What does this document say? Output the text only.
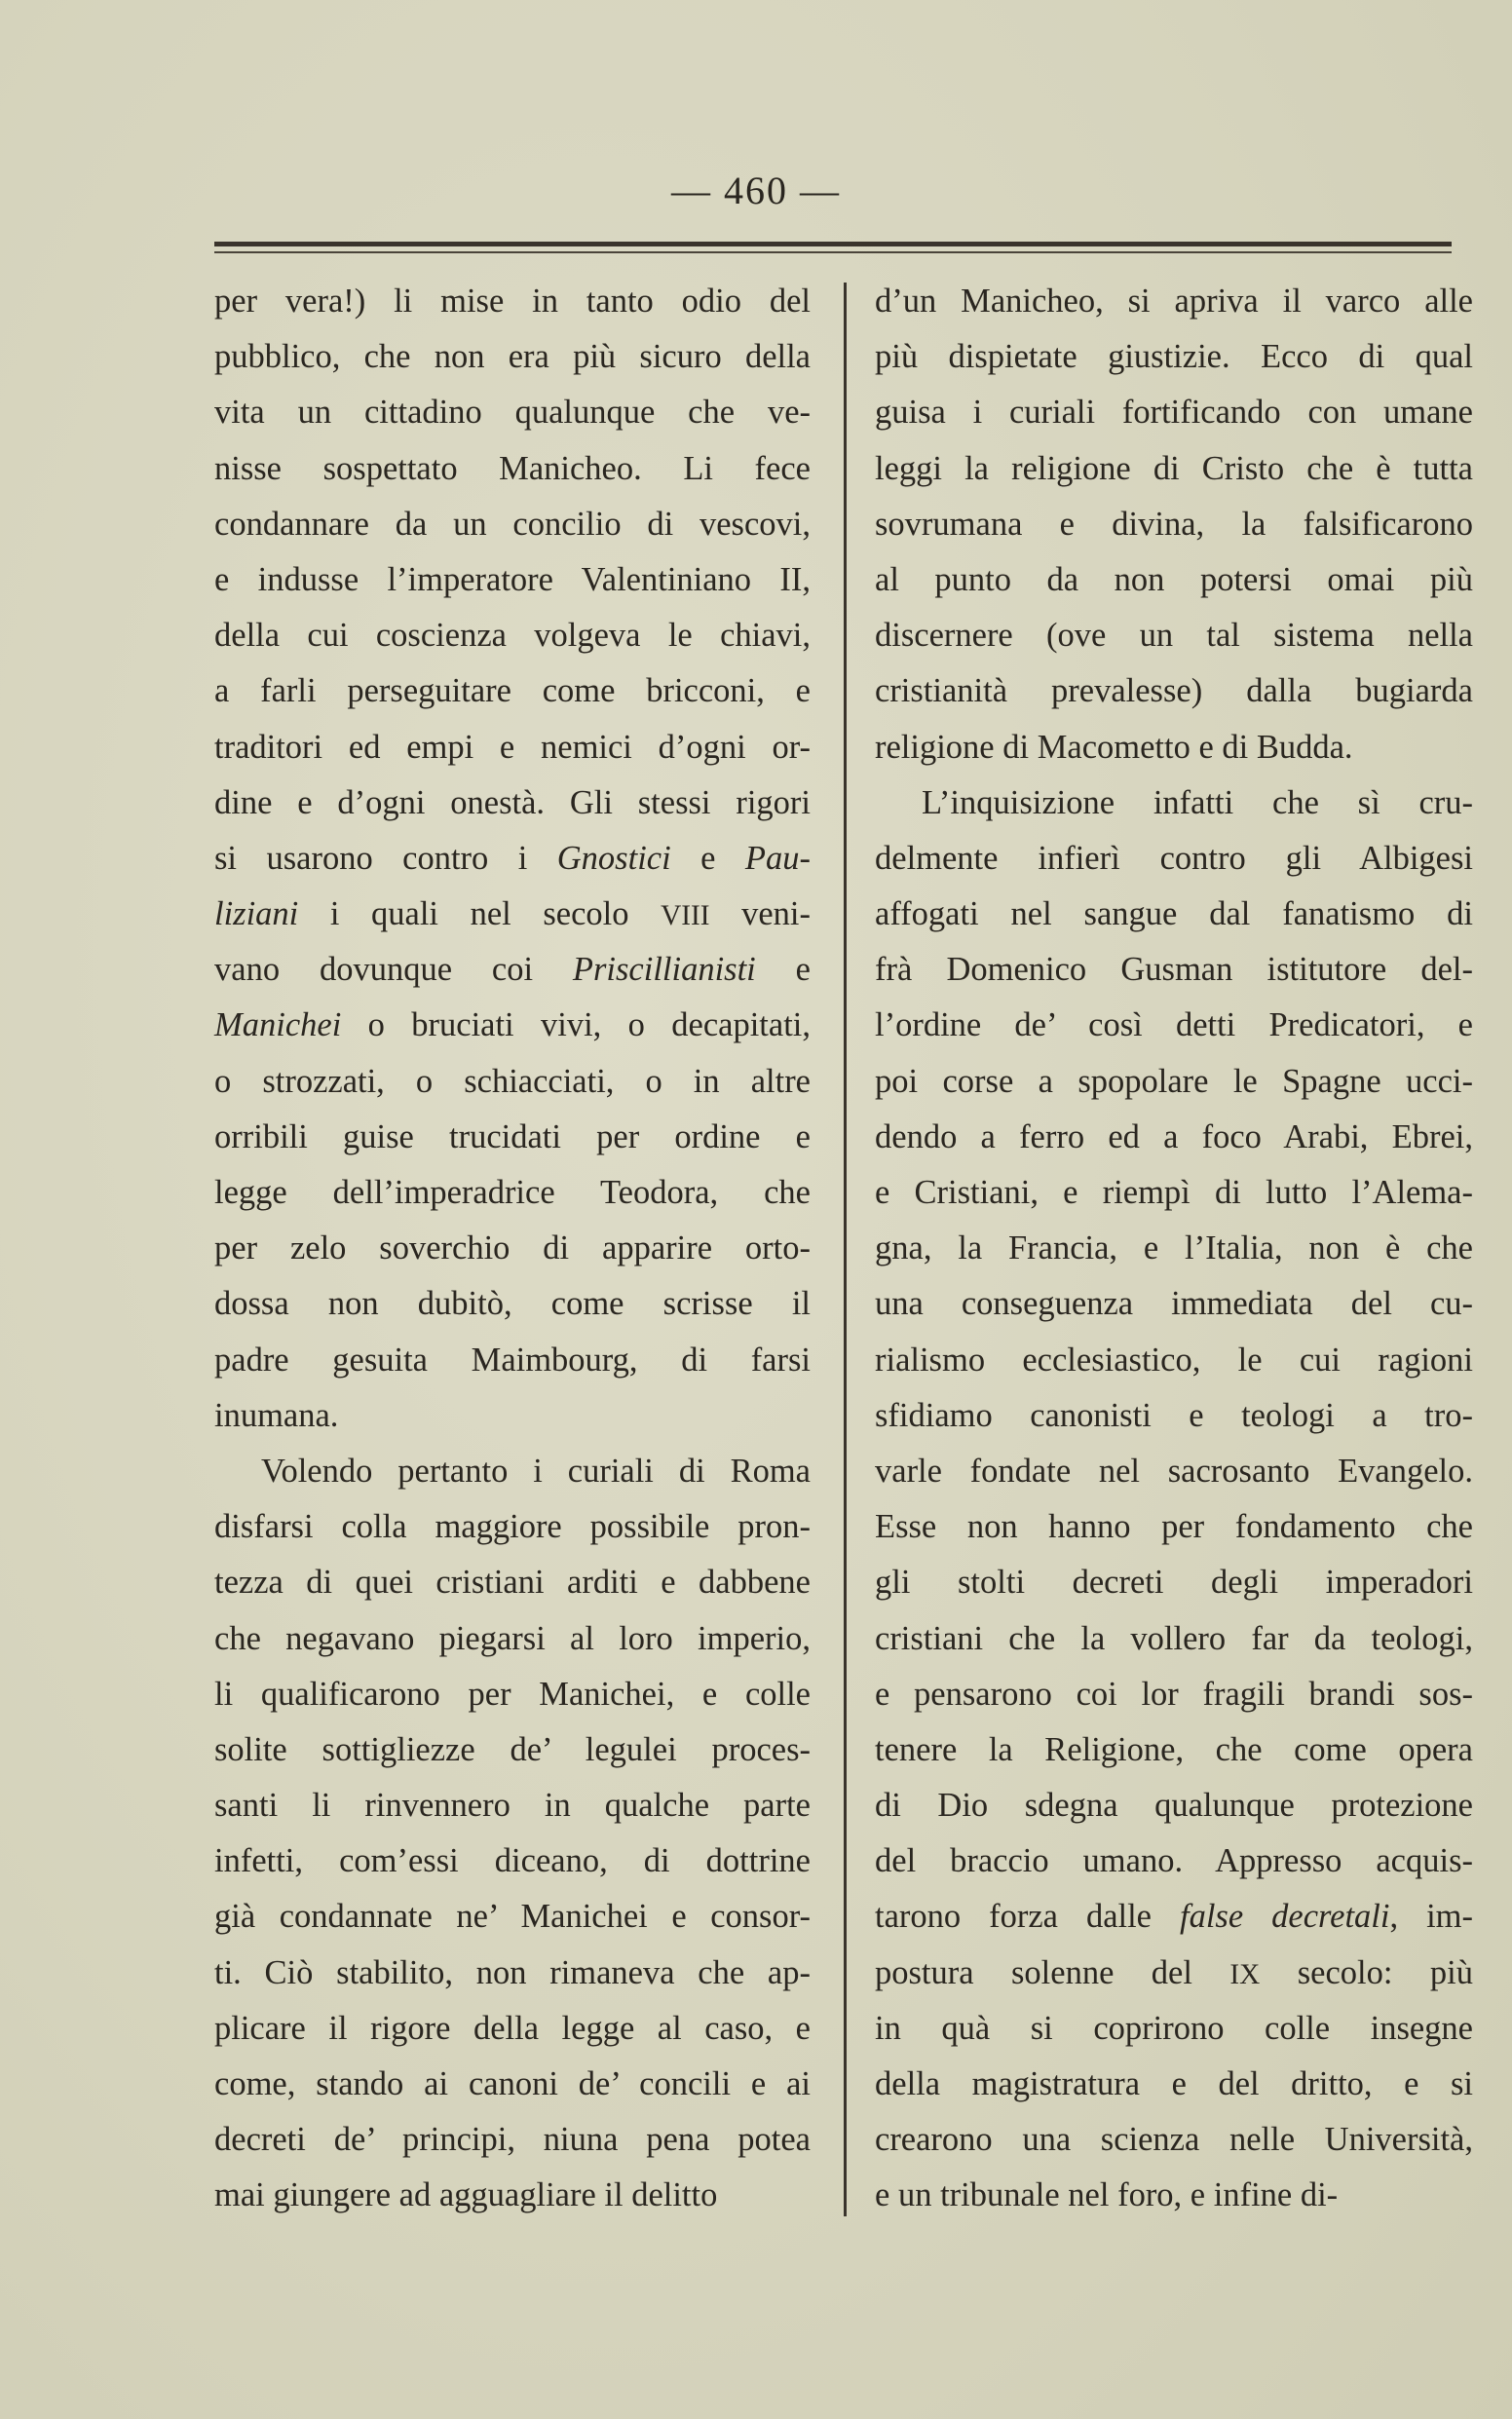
— 460 —
per vera!) li mise in tanto odio del
pubblico, che non era più sicuro della
vita un cittadino qualunque che ve-
nisse sospettato Manicheo. Li fece
condannare da un concilio di vescovi,
e indusse l’imperatore Valentiniano II,
della cui coscienza volgeva le chiavi,
a farli perseguitare come bricconi, e
traditori ed empi e nemici d’ogni or-
dine e d’ogni onestà. Gli stessi rigori
si usarono contro i Gnostici e Pau-
liziani i quali nel secolo VIII veni-
vano dovunque coi Priscillianisti e
Manichei o bruciati vivi, o decapitati,
o strozzati, o schiacciati, o in altre
orribili guise trucidati per ordine e
legge dell’imperadrice Teodora, che
per zelo soverchio di apparire orto-
dossa non dubitò, come scrisse il
padre gesuita Maimbourg, di farsi
inumana.
Volendo pertanto i curiali di Roma
disfarsi colla maggiore possibile pron-
tezza di quei cristiani arditi e dabbene
che negavano piegarsi al loro imperio,
li qualificarono per Manichei, e colle
solite sottigliezze de’ legulei proces-
santi li rinvennero in qualche parte
infetti, com’essi diceano, di dottrine
già condannate ne’ Manichei e consor-
ti. Ciò stabilito, non rimaneva che ap-
plicare il rigore della legge al caso, e
come, stando ai canoni de’ concili e ai
decreti de’ principi, niuna pena potea
mai giungere ad agguagliare il delitto
d’un Manicheo, si apriva il varco alle
più dispietate giustizie. Ecco di qual
guisa i curiali fortificando con umane
leggi la religione di Cristo che è tutta
sovrumana e divina, la falsificarono
al punto da non potersi omai più
discernere (ove un tal sistema nella
cristianità prevalesse) dalla bugiarda
religione di Macometto e di Budda.
L’inquisizione infatti che sì cru-
delmente infierì contro gli Albigesi
affogati nel sangue dal fanatismo di
frà Domenico Gusman istitutore del-
l’ordine de’ così detti Predicatori, e
poi corse a spopolare le Spagne ucci-
dendo a ferro ed a foco Arabi, Ebrei,
e Cristiani, e riempì di lutto l’Alema-
gna, la Francia, e l’Italia, non è che
una conseguenza immediata del cu-
rialismo ecclesiastico, le cui ragioni
sfidiamo canonisti e teologi a tro-
varle fondate nel sacrosanto Evangelo.
Esse non hanno per fondamento che
gli stolti decreti degli imperadori
cristiani che la vollero far da teologi,
e pensarono coi lor fragili brandi sos-
tenere la Religione, che come opera
di Dio sdegna qualunque protezione
del braccio umano. Appresso acquis-
tarono forza dalle false decretali, im-
postura solenne del IX secolo: più
in quà si coprirono colle insegne
della magistratura e del dritto, e si
crearono una scienza nelle Università,
e un tribunale nel foro, e infine di-
